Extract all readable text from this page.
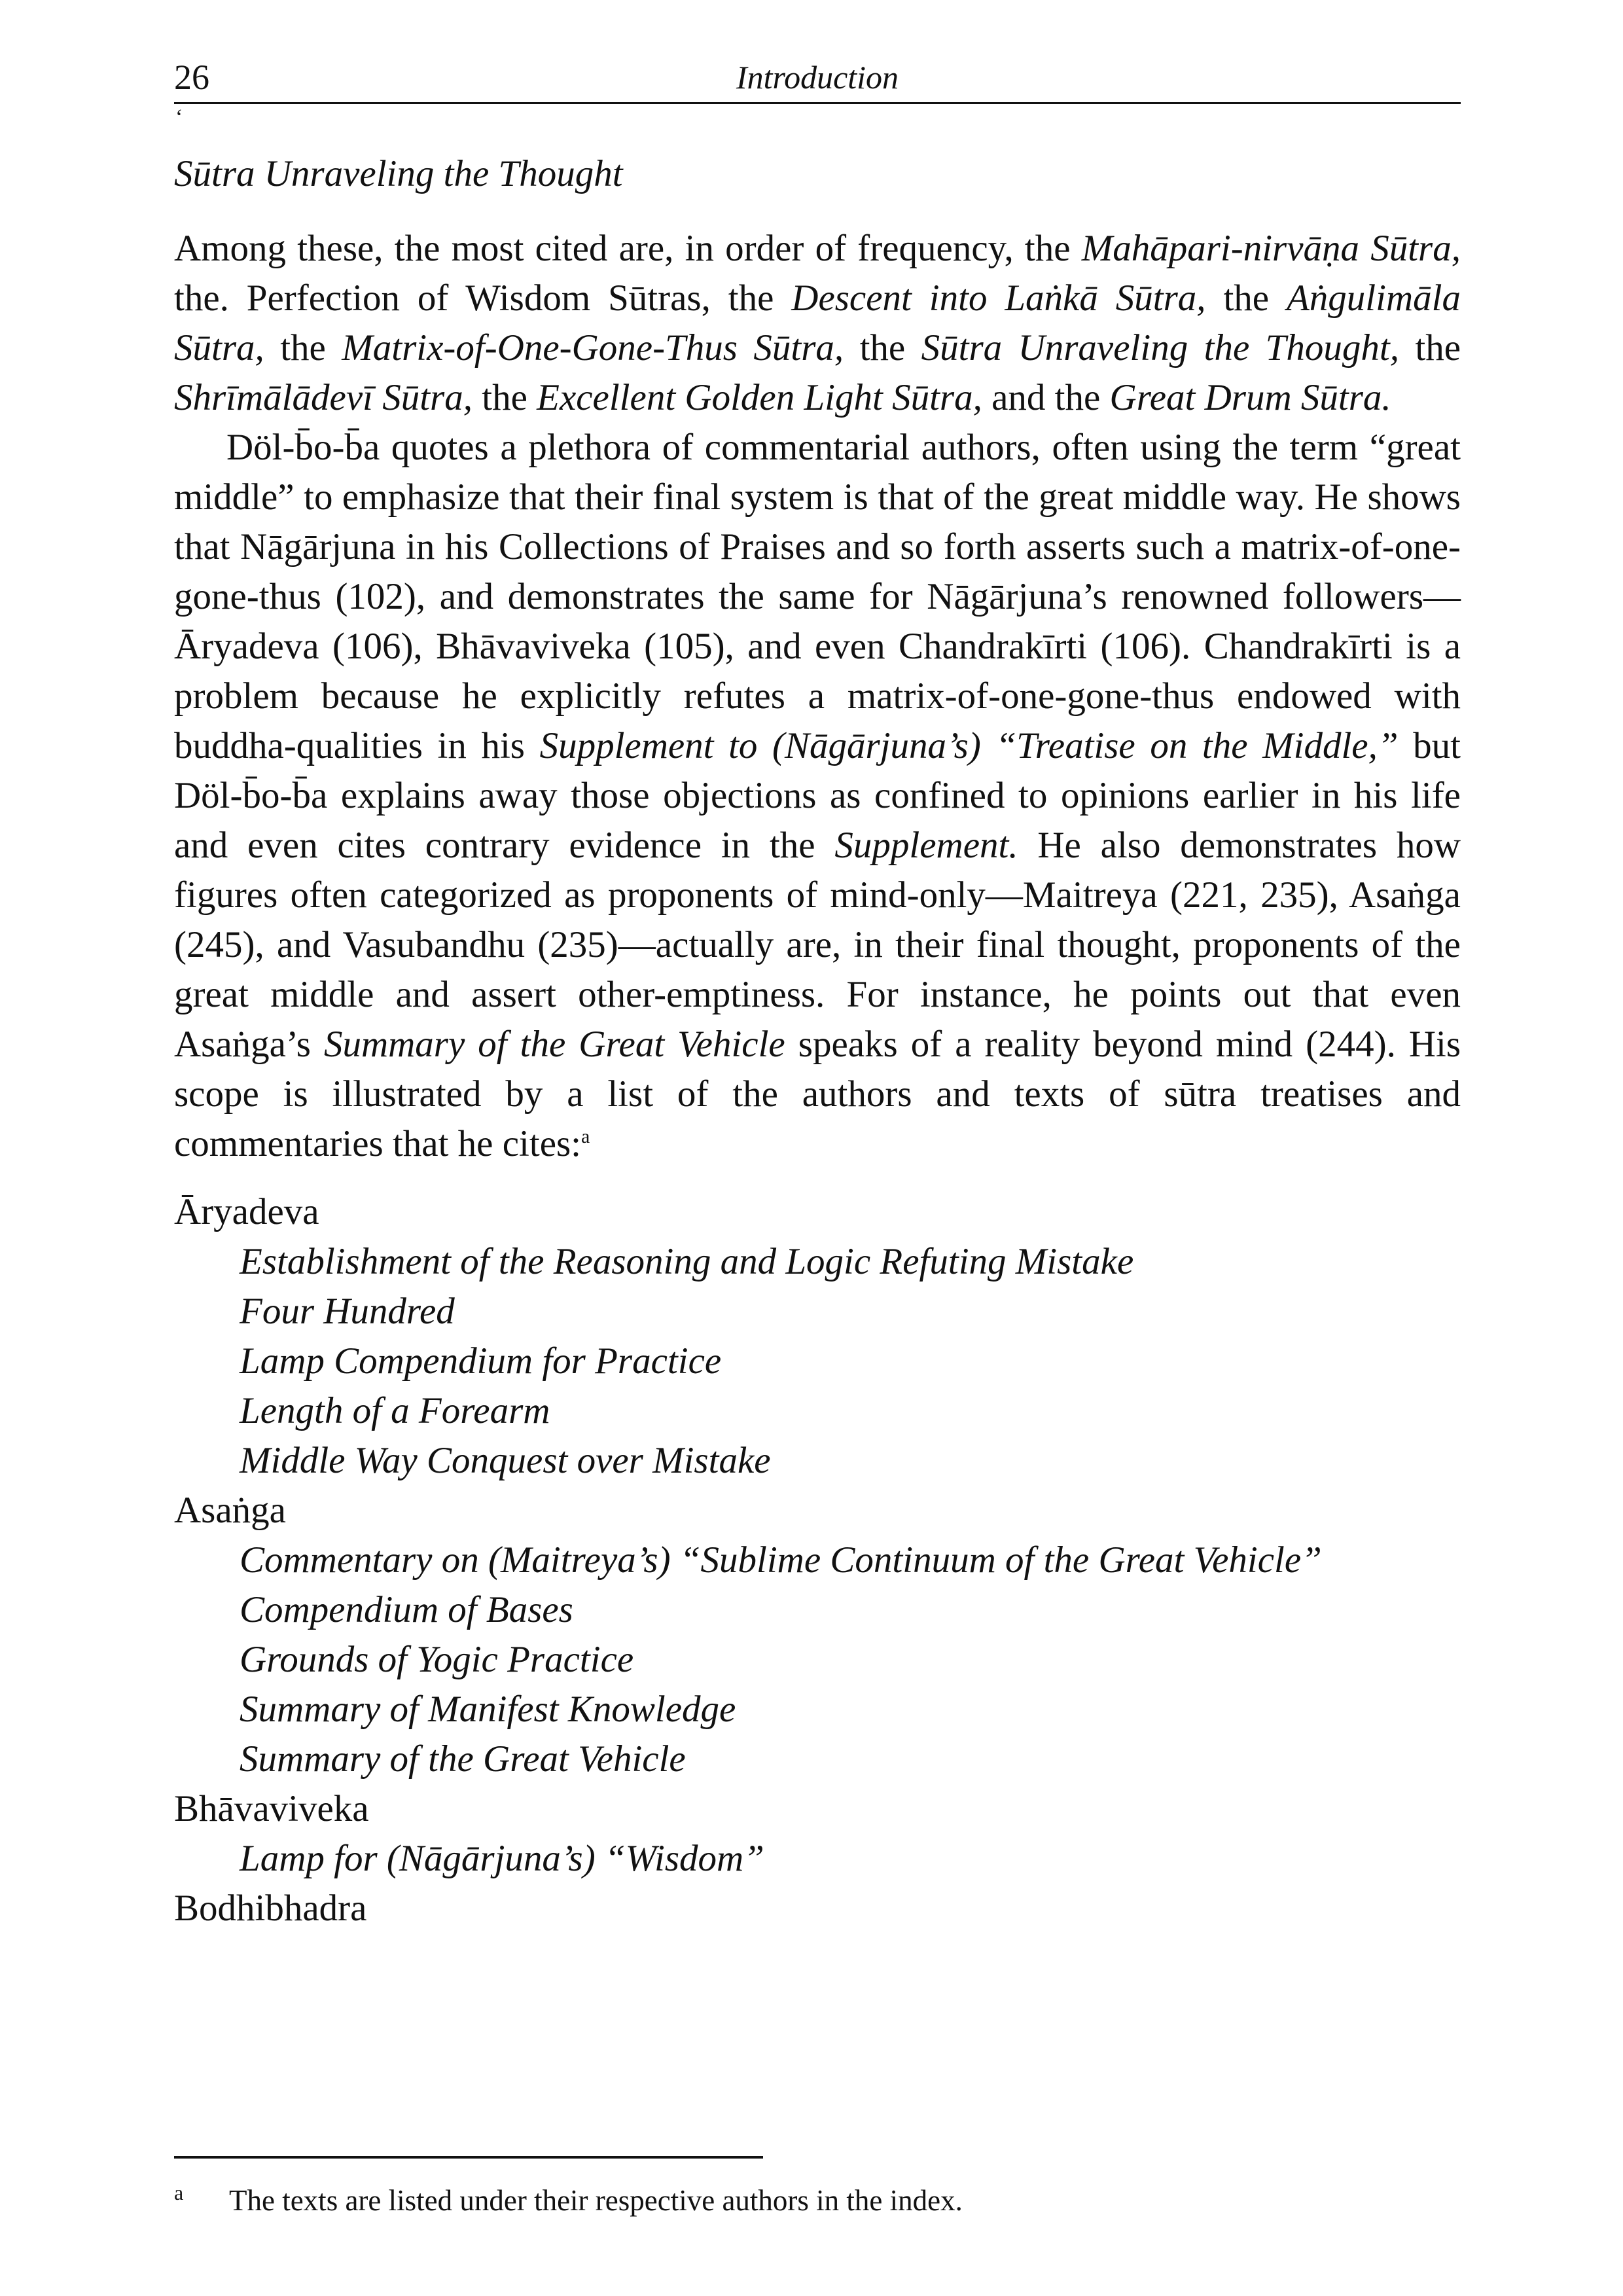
26	Introduction
‘

Sūtra Unraveling the Thought

Among these, the most cited are, in order of frequency, the Mahāpari-nirvāṇa Sūtra, the. Perfection of Wisdom Sūtras, the Descent into Laṅkā Sūtra, the Aṅgulimāla Sūtra, the Matrix-of-One-Gone-Thus Sūtra, the Sūtra Unraveling the Thought, the Shrīmālādevī Sūtra, the Excellent Golden Light Sūtra, and the Great Drum Sūtra.

Döl-b̄o-b̄a quotes a plethora of commentarial authors, often using the term “great middle” to emphasize that their final system is that of the great middle way. He shows that Nāgārjuna in his Collections of Praises and so forth asserts such a matrix-of-one-gone-thus (102), and demonstrates the same for Nāgārjuna’s renowned followers—Āryadeva (106), Bhāvaviveka (105), and even Chandrakīrti (106). Chandrakīrti is a problem because he explicitly refutes a matrix-of-one-gone-thus endowed with buddha-qualities in his Supplement to (Nāgārjuna’s) “Treatise on the Middle,” but Döl-b̄o-b̄a explains away those objections as confined to opinions earlier in his life and even cites contrary evidence in the Supplement. He also demonstrates how figures often categorized as proponents of mind-only—Maitreya (221, 235), Asaṅga (245), and Vasubandhu (235)—actually are, in their final thought, proponents of the great middle and assert other-emptiness. For instance, he points out that even Asaṅga’s Summary of the Great Vehicle speaks of a reality beyond mind (244). His scope is illustrated by a list of the authors and texts of sūtra treatises and commentaries that he cites:$^a$

Āryadeva

Establishment of the Reasoning and Logic Refuting Mistake

Four Hundred

Lamp Compendium for Practice

Length of a Forearm

Middle Way Conquest over Mistake

Asaṅga

Commentary on (Maitreya’s) “Sublime Continuum of the Great Vehicle”

Compendium of Bases

Grounds of Yogic Practice

Summary of Manifest Knowledge

Summary of the Great Vehicle

Bhāvaviveka

Lamp for (Nāgārjuna’s) “Wisdom”

Bodhibhadra

a The texts are listed under their respective authors in the index.
